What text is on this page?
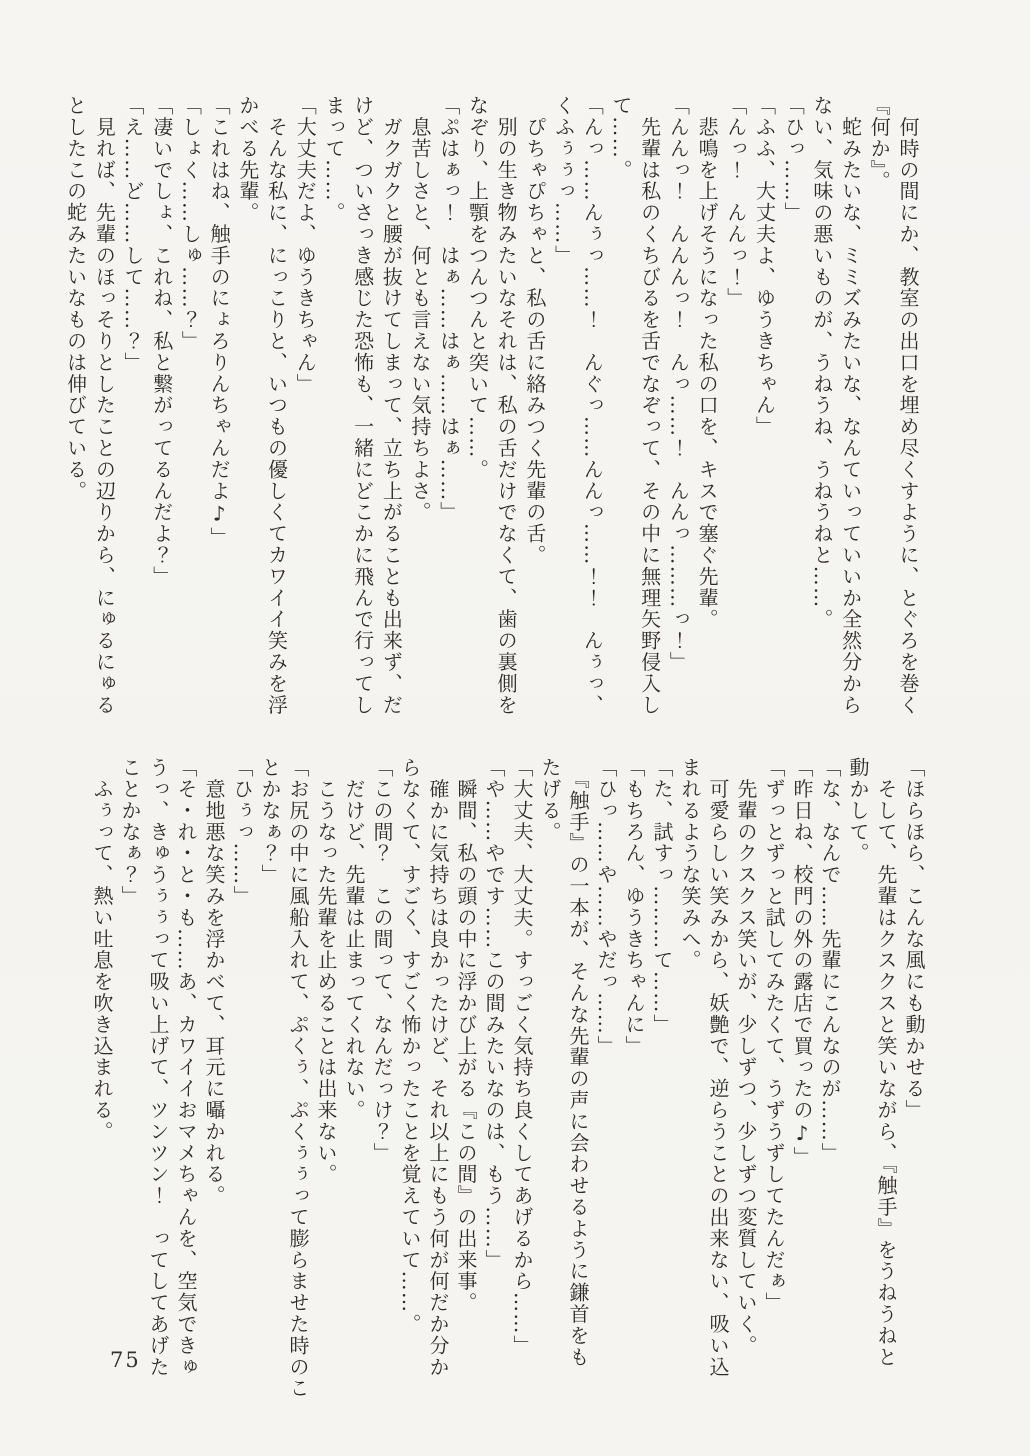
　何時の間にか、教室の出口を埋め尽くすように、とぐろを巻く

『何か』。

　蛇みたいな、ミミズみたいな、なんていっていいか全然分から

ない、気味の悪いものが、うねうね、うねうねと……。

「ひっ……」

「ふふ、大丈夫よ、ゆうきちゃん」

「んっ！　んんっ！」

　悲鳴を上げそうになった私の口を、キスで塞ぐ先輩。

「んんっ！　んんんっ！　んっ……！　んんっ………っ！」

　先輩は私のくちびるを舌でなぞって、その中に無理矢野侵入し

て……。

「んっ……んぅっ……！　んぐっ……んんっ……！！　んぅっ、

くふぅぅっ……」

　ぴちゃぴちゃと、私の舌に絡みつく先輩の舌。

　別の生き物みたいなそれは、私の舌だけでなくて、歯の裏側を

なぞり、上顎をつんつんと突いて……。

「ぷはぁっ！　はぁ……はぁ……はぁ……」

　息苦しさと、何とも言えない気持ちよさ。

　ガクガクと腰が抜けてしまって、立ち上がることも出来ず、だ

けど、ついさっき感じた恐怖も、一緒にどこかに飛んで行ってし

まって……。

「大丈夫だよ、ゆうきちゃん」

　そんな私に、にっこりと、いつもの優しくてカワイイ笑みを浮

かべる先輩。

「これはね、触手のにょろりんちゃんだよ♪」

「しょく……しゅ……？」

「凄いでしょ、これね、私と繋がってるんだよ？」

「え……ど……して……？」

　見れば、先輩のほっそりとしたことの辺りから、にゅるにゅる

としたこの蛇みたいなものは伸びている。

「ほらほら、こんな風にも動かせる」

　そして、先輩はクスクスと笑いながら、『触手』をうねうねと

動かして。

「な、なんで……先輩にこんなのが……」

「昨日ね、校門の外の露店で買ったの♪」

「ずっとずっと試してみたくて、うずうずしてたんだぁ」

　先輩のクスクス笑いが、少しずつ、少しずつ変質していく。

　可愛らしい笑みから、妖艶で、逆らうことの出来ない、吸い込

まれるような笑みへ。

「た、試すっ………て……」

「もちろん、ゆうきちゃんに」

「ひっ……や……やだっ……」

　『触手』の一本が、そんな先輩の声に会わせるように鎌首をも

たげる。

「大丈夫、大丈夫。すっごく気持ち良くしてあげるから……」

「や……やです……この間みたいなのは、もう……」

　瞬間、私の頭の中に浮かび上がる『この間』の出来事。

　確かに気持ちは良かったけど、それ以上にもう何が何だか分か

らなくて、すごく、すごく怖かったことを覚えていて……。

「この間？　この間って、なんだっけ？」

　だけど、先輩は止まってくれない。

　こうなった先輩を止めることは出来ない。

「お尻の中に風船入れて、ぷくぅ、ぷくぅぅって膨らませた時のこ

とかなぁ？」

「ひぅっ……」

　意地悪な笑みを浮かべて、耳元に囁かれる。

「そ・れ・と・も……あ、カワイイおマメちゃんを、空気できゅ

うっ、きゅうぅぅって吸い上げて、ツンツン！　ってしてあげた

ことかなぁ？」

　ふぅって、熱い吐息を吹き込まれる。

75
